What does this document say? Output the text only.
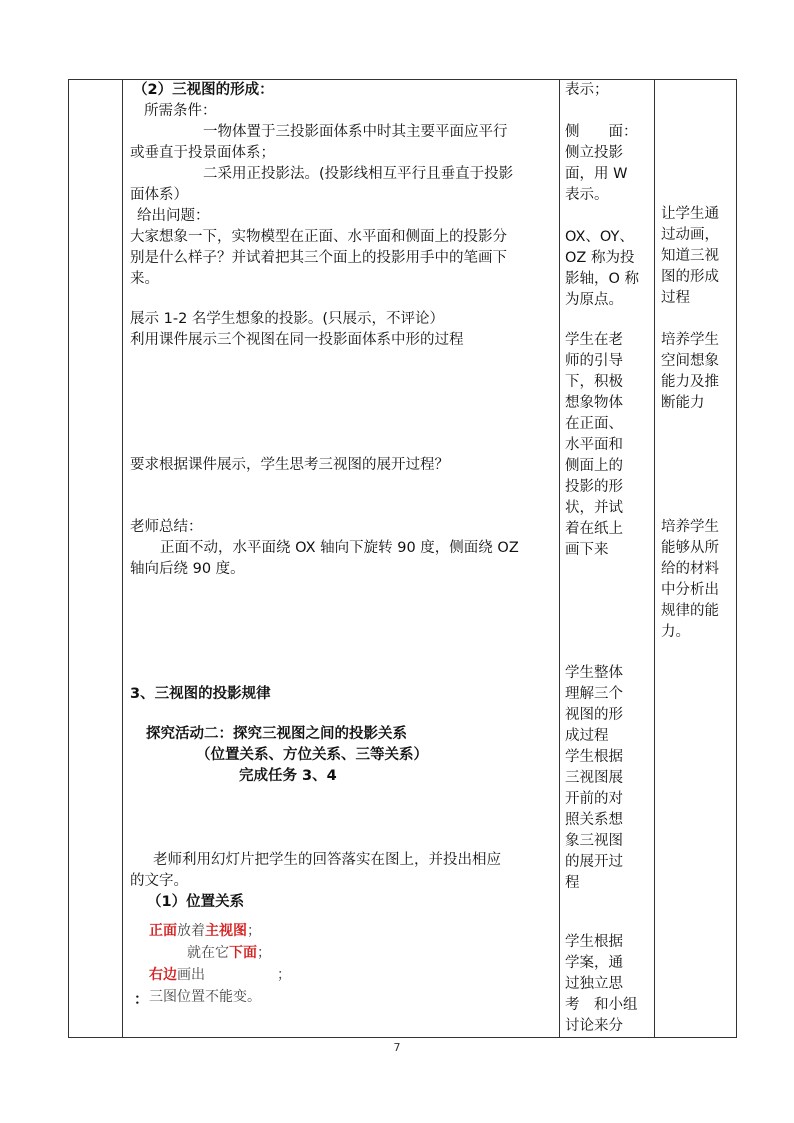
（2）三视图的形成：

所需条件：

一物体置于三投影面体系中时其主要平面应平行

或垂直于投景面体系；

二采用正投影法。(投影线相互平行且垂直于投影

面体系）

给出问题：

大家想象一下，实物模型在正面、水平面和侧面上的投影分

别是什么样子？并试着把其三个面上的投影用手中的笔画下

来。

展示 1-2 名学生想象的投影。(只展示，不评论）

利用课件展示三个视图在同一投影面体系中形的过程

要求根据课件展示，学生思考三视图的展开过程？

老师总结：

正面不动，水平面绕 OX 轴向下旋转 90 度，侧面绕 OZ

轴向后绕 90 度。

3、三视图的投影规律

探究活动二：探究三视图之间的投影关系

（位置关系、方位关系、三等关系）

完成任务 3、4

老师利用幻灯片把学生的回答落实在图上，并投出相应

的文字。

（1）位置关系

正面放着主视图；

就在它下面；

右边画出	；

三图位置不能变。

：

表示；

侧　　面：

侧立投影

面，用 W

表示。

OX、OY、

OZ 称为投

影轴，O 称

为原点。

学生在老

师的引导

下，积极

想象物体

在正面、

水平面和

侧面上的

投影的形

状，并试

着在纸上

画下来

学生整体

理解三个

视图的形

成过程

学生根据

三视图展

开前的对

照关系想

象三视图

的展开过

程

学生根据

学案，通

过独立思

考　和小组

讨论来分

让学生通

过动画，

知道三视

图的形成

过程

培养学生

空间想象

能力及推

断能力

培养学生

能够从所

给的材料

中分析出

规律的能

力。

7
